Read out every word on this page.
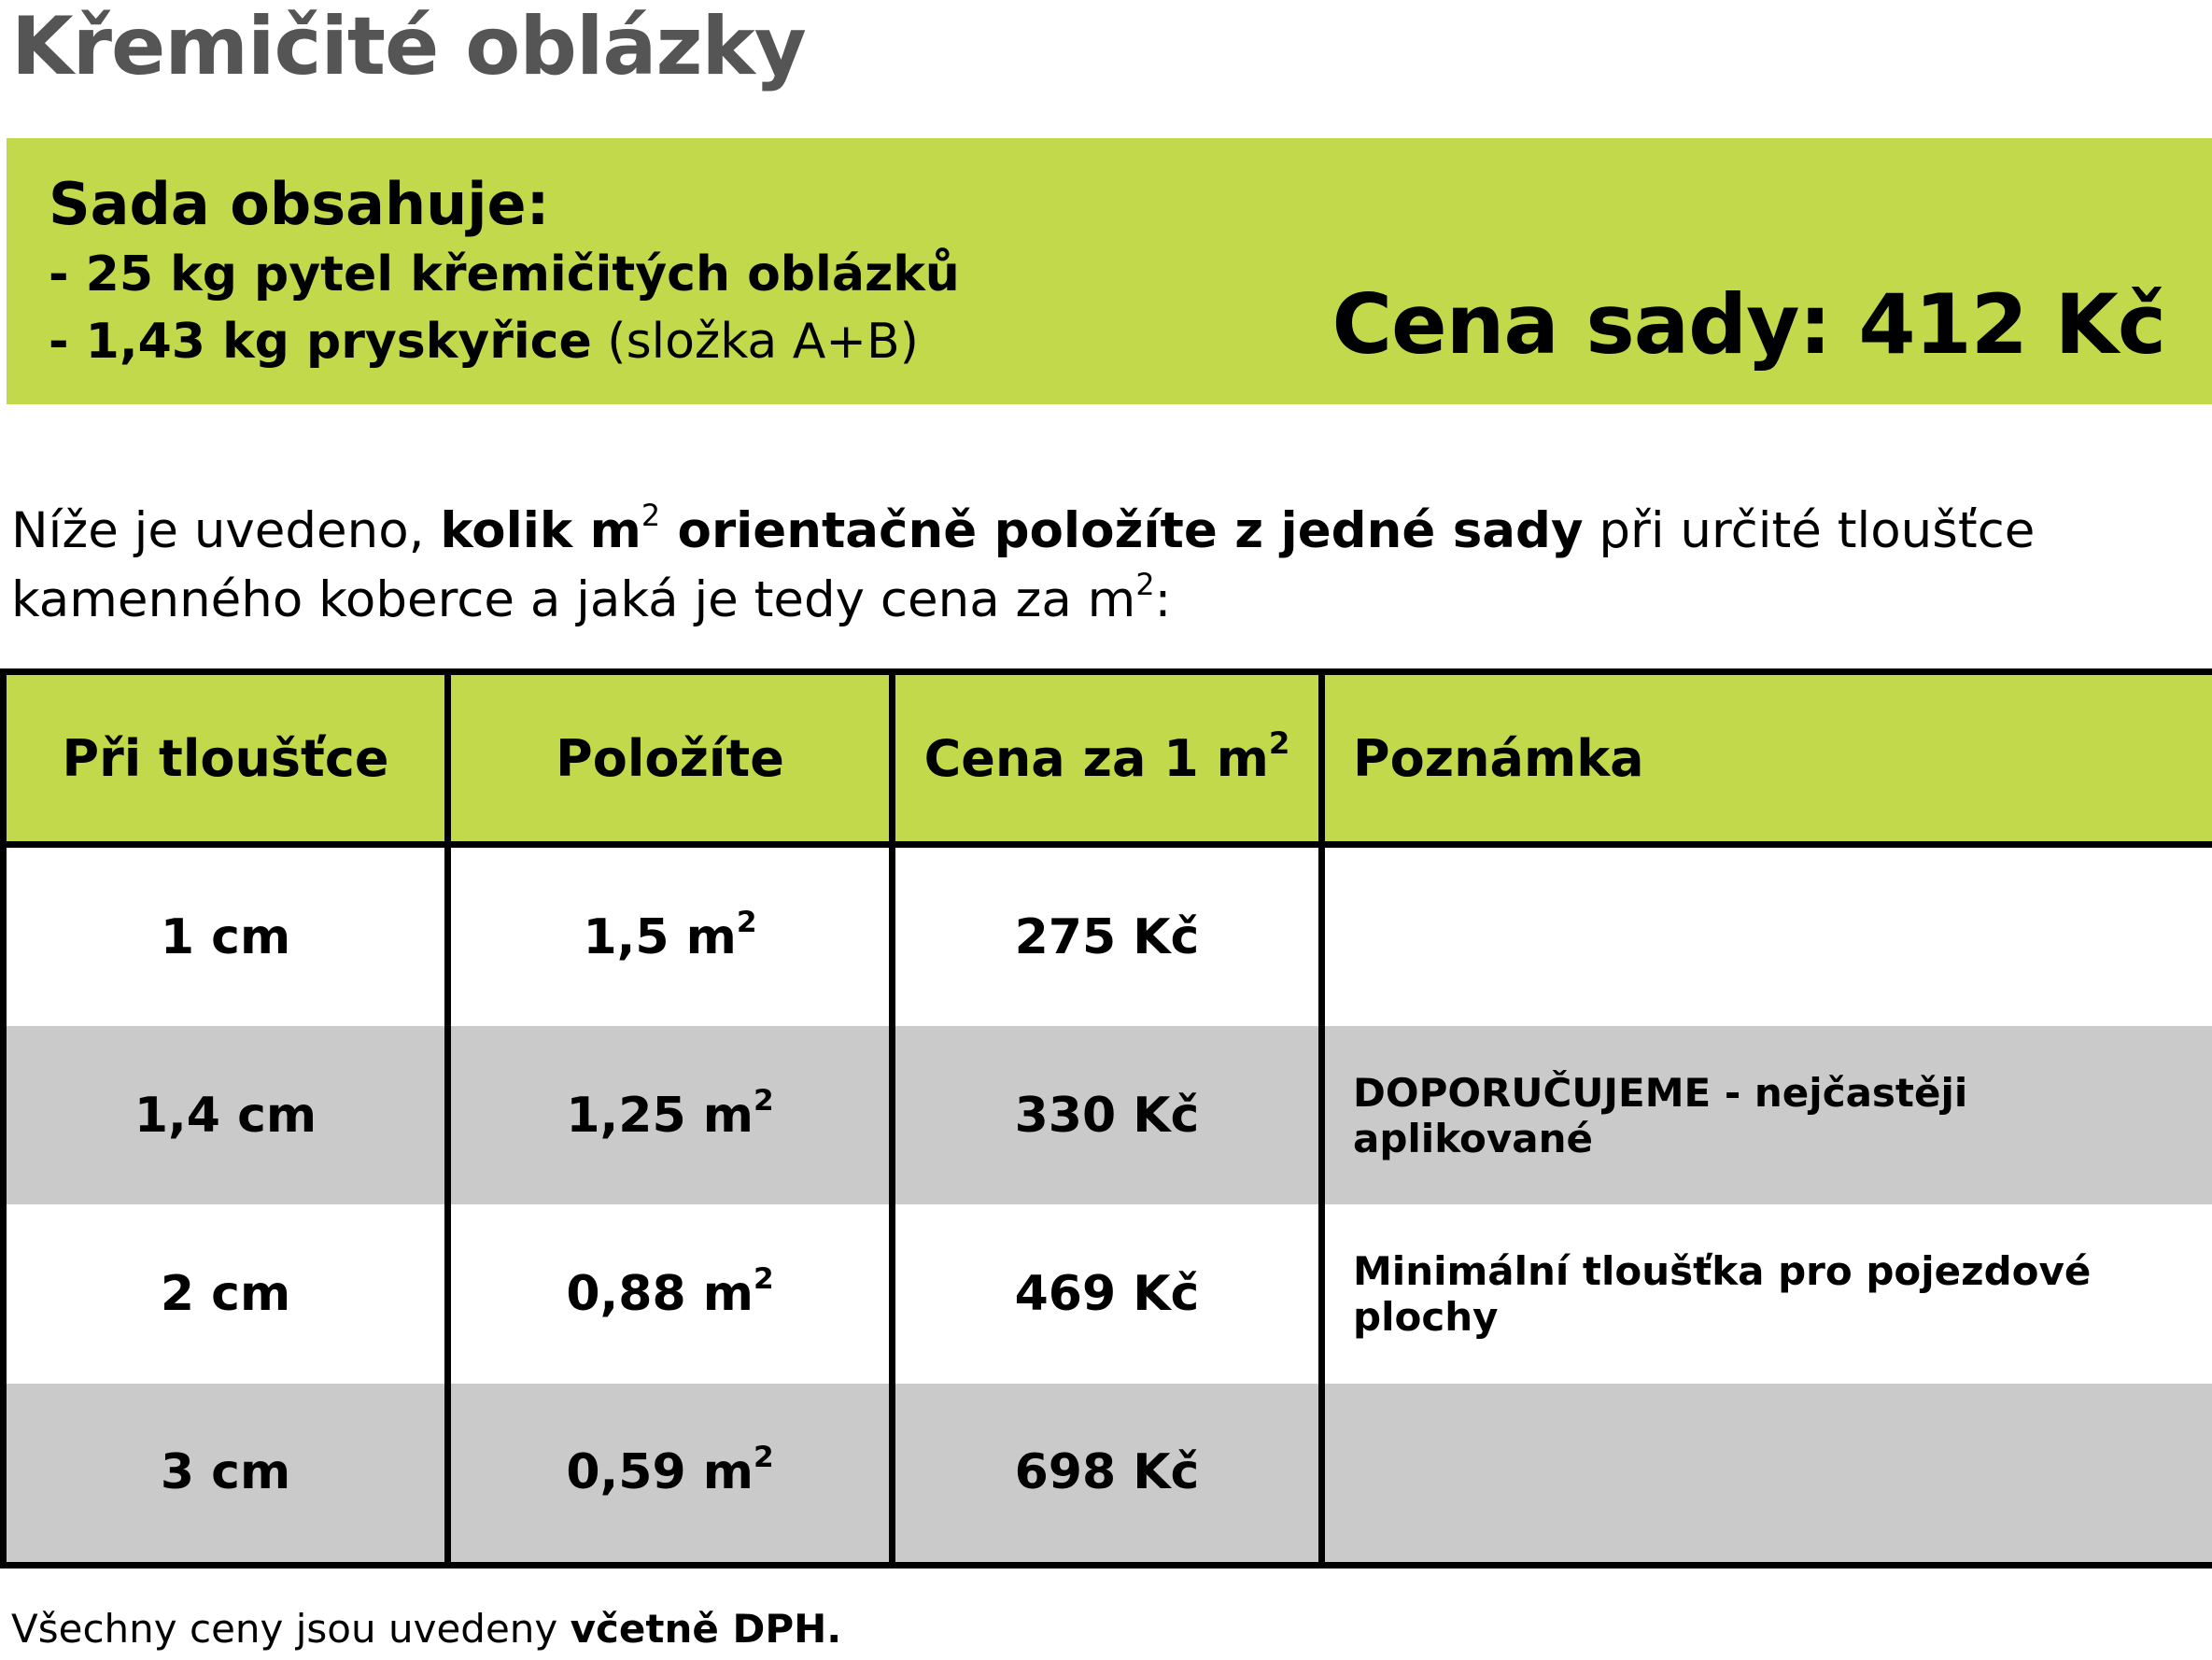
Křemičité oblázky
Sada obsahuje:
- 25 kg pytel křemičitých oblázků
- 1,43 kg pryskyřice (složka A+B)	Cena sady: 412 Kč
Níže je uvedeno, kolik $m^2$ orientačně položíte z jedné sady při určité tloušťce kamenného koberce a jaká je tedy cena za $m^2$:
Při tloušťce	Položíte	Cena za 1 $m^2$	Poznámka
1 cm	1,5 $m^2$	275 Kč	
1,4 cm	1,25 $m^2$	330 Kč	DOPORUČUJEME - nejčastěji aplikované
2 cm	0,88 $m^2$	469 Kč	Minimální tloušťka pro pojezdové plochy
3 cm	0,59 $m^2$	698 Kč	
Všechny ceny jsou uvedeny včetně DPH.
